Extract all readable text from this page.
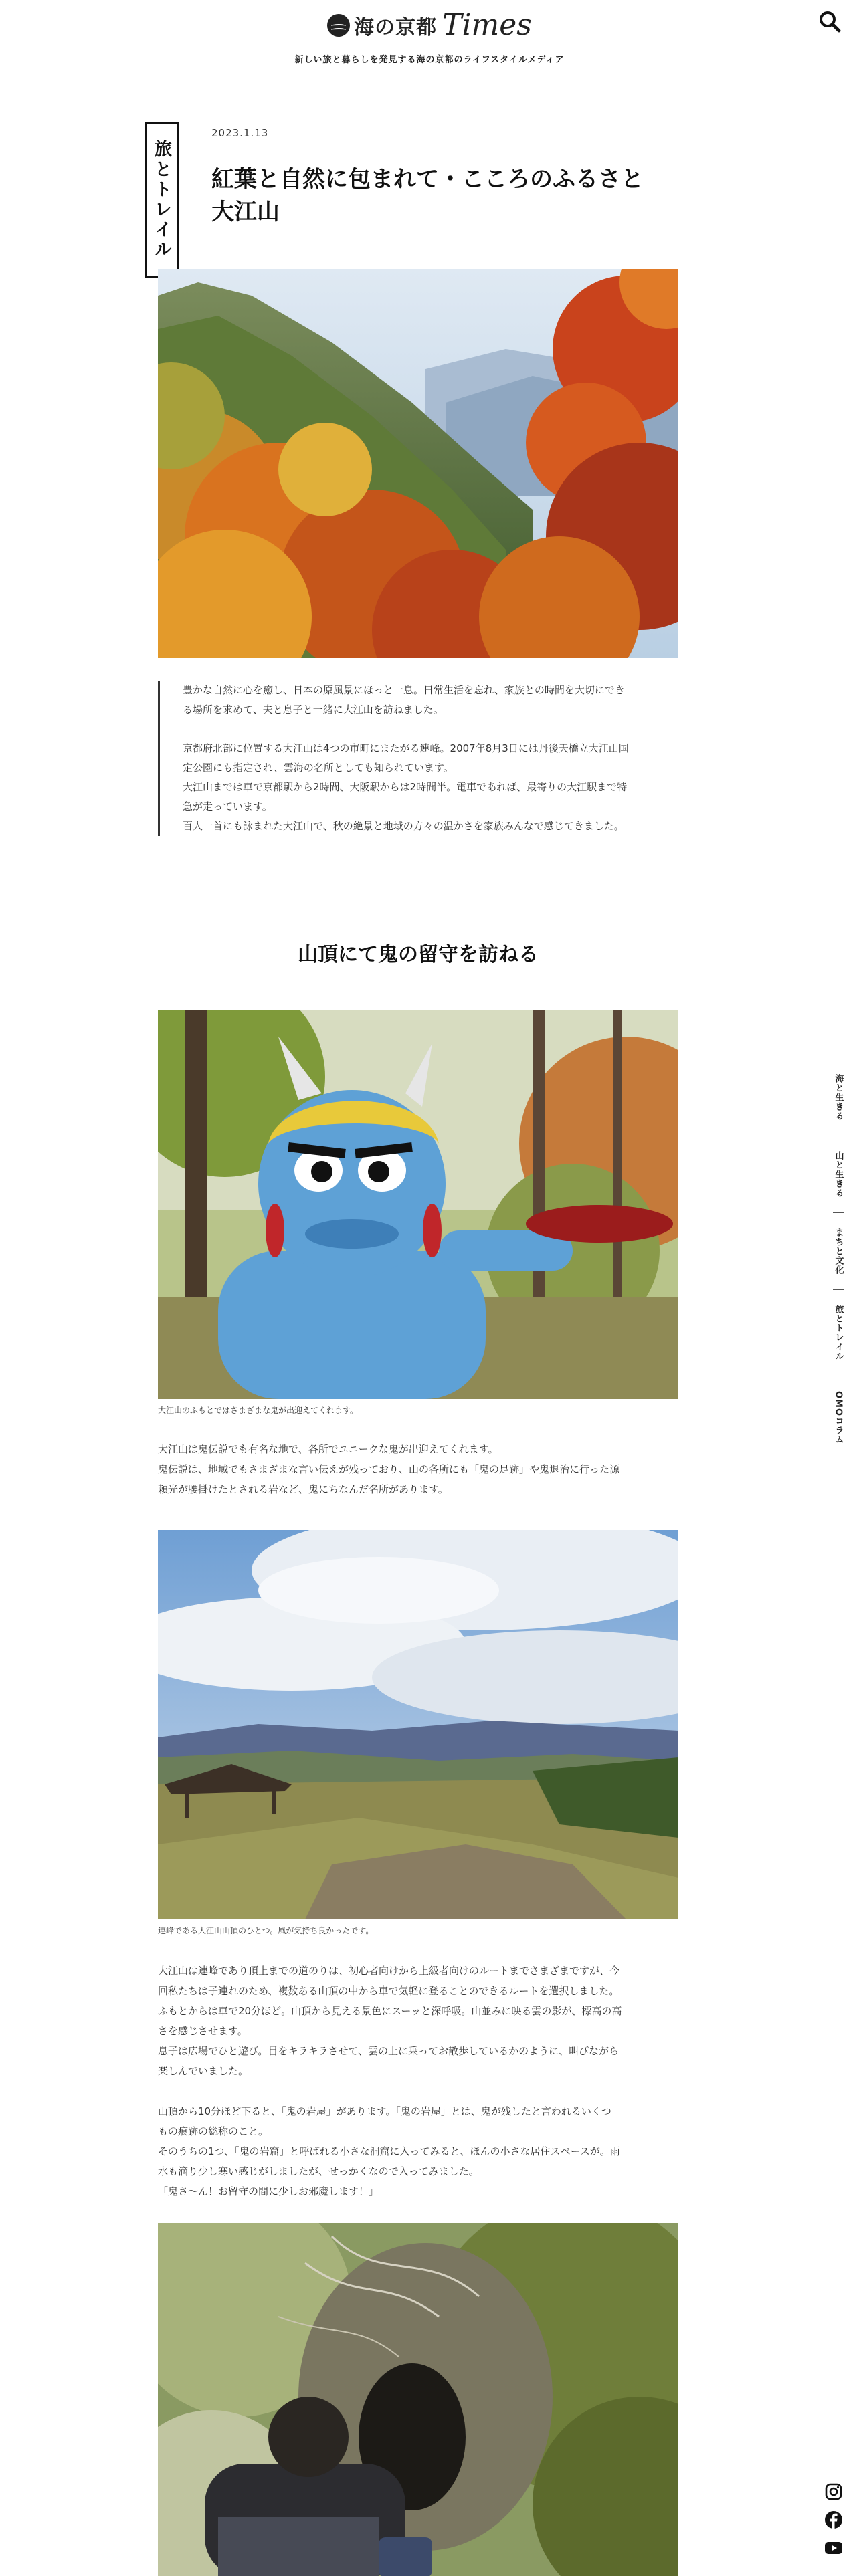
海の京都 Times
新しい旅と暮らしを発見する海の京都のライフスタイルメディア
海と生きる
山と生きる
まちと文化
旅とトレイル
OMOコラム
旅とトレイル
2023.1.13
紅葉と自然に包まれて・こころのふるさと
大江山

豊かな自然に心を癒し、日本の原風景にほっと一息。日常生活を忘れ、家族との時間を大切にでき

る場所を求めて、夫と息子と一緒に大江山を訪ねました。

京都府北部に位置する大江山は4つの市町にまたがる連峰。2007年8月3日には丹後天橋立大江山国

定公園にも指定され、雲海の名所としても知られています。

大江山までは車で京都駅から2時間、大阪駅からは2時間半。電車であれば、最寄りの大江駅まで特

急が走っています。

百人一首にも詠まれた大江山で、秋の絶景と地域の方々の温かさを家族みんなで感じてきました。

山頂にて鬼の留守を訪ねる
大江山のふもとではさまざまな鬼が出迎えてくれます。

大江山は鬼伝説でも有名な地で、各所でユニークな鬼が出迎えてくれます。

鬼伝説は、地域でもさまざまな言い伝えが残っており、山の各所にも「鬼の足跡」や鬼退治に行った源

頼光が腰掛けたとされる岩など、鬼にちなんだ名所があります。

連峰である大江山山頂のひとつ。風が気持ち良かったです。

大江山は連峰であり頂上までの道のりは、初心者向けから上級者向けのルートまでさまざまですが、今

回私たちは子連れのため、複数ある山頂の中から車で気軽に登ることのできるルートを選択しました。

ふもとからは車で20分ほど。山頂から見える景色にスーッと深呼吸。山並みに映る雲の影が、標高の高

さを感じさせます。

息子は広場でひと遊び。目をキラキラさせて、雲の上に乗ってお散歩しているかのように、叫びながら

楽しんでいました。

山頂から10分ほど下ると、「鬼の岩屋」があります。「鬼の岩屋」とは、鬼が残したと言われるいくつ

もの痕跡の総称のこと。

そのうちの1つ、「鬼の岩窟」と呼ばれる小さな洞窟に入ってみると、ほんの小さな居住スペースが。雨

水も滴り少し寒い感じがしましたが、せっかくなので入ってみました。

「鬼さ〜ん！お留守の間に少しお邪魔します！」
